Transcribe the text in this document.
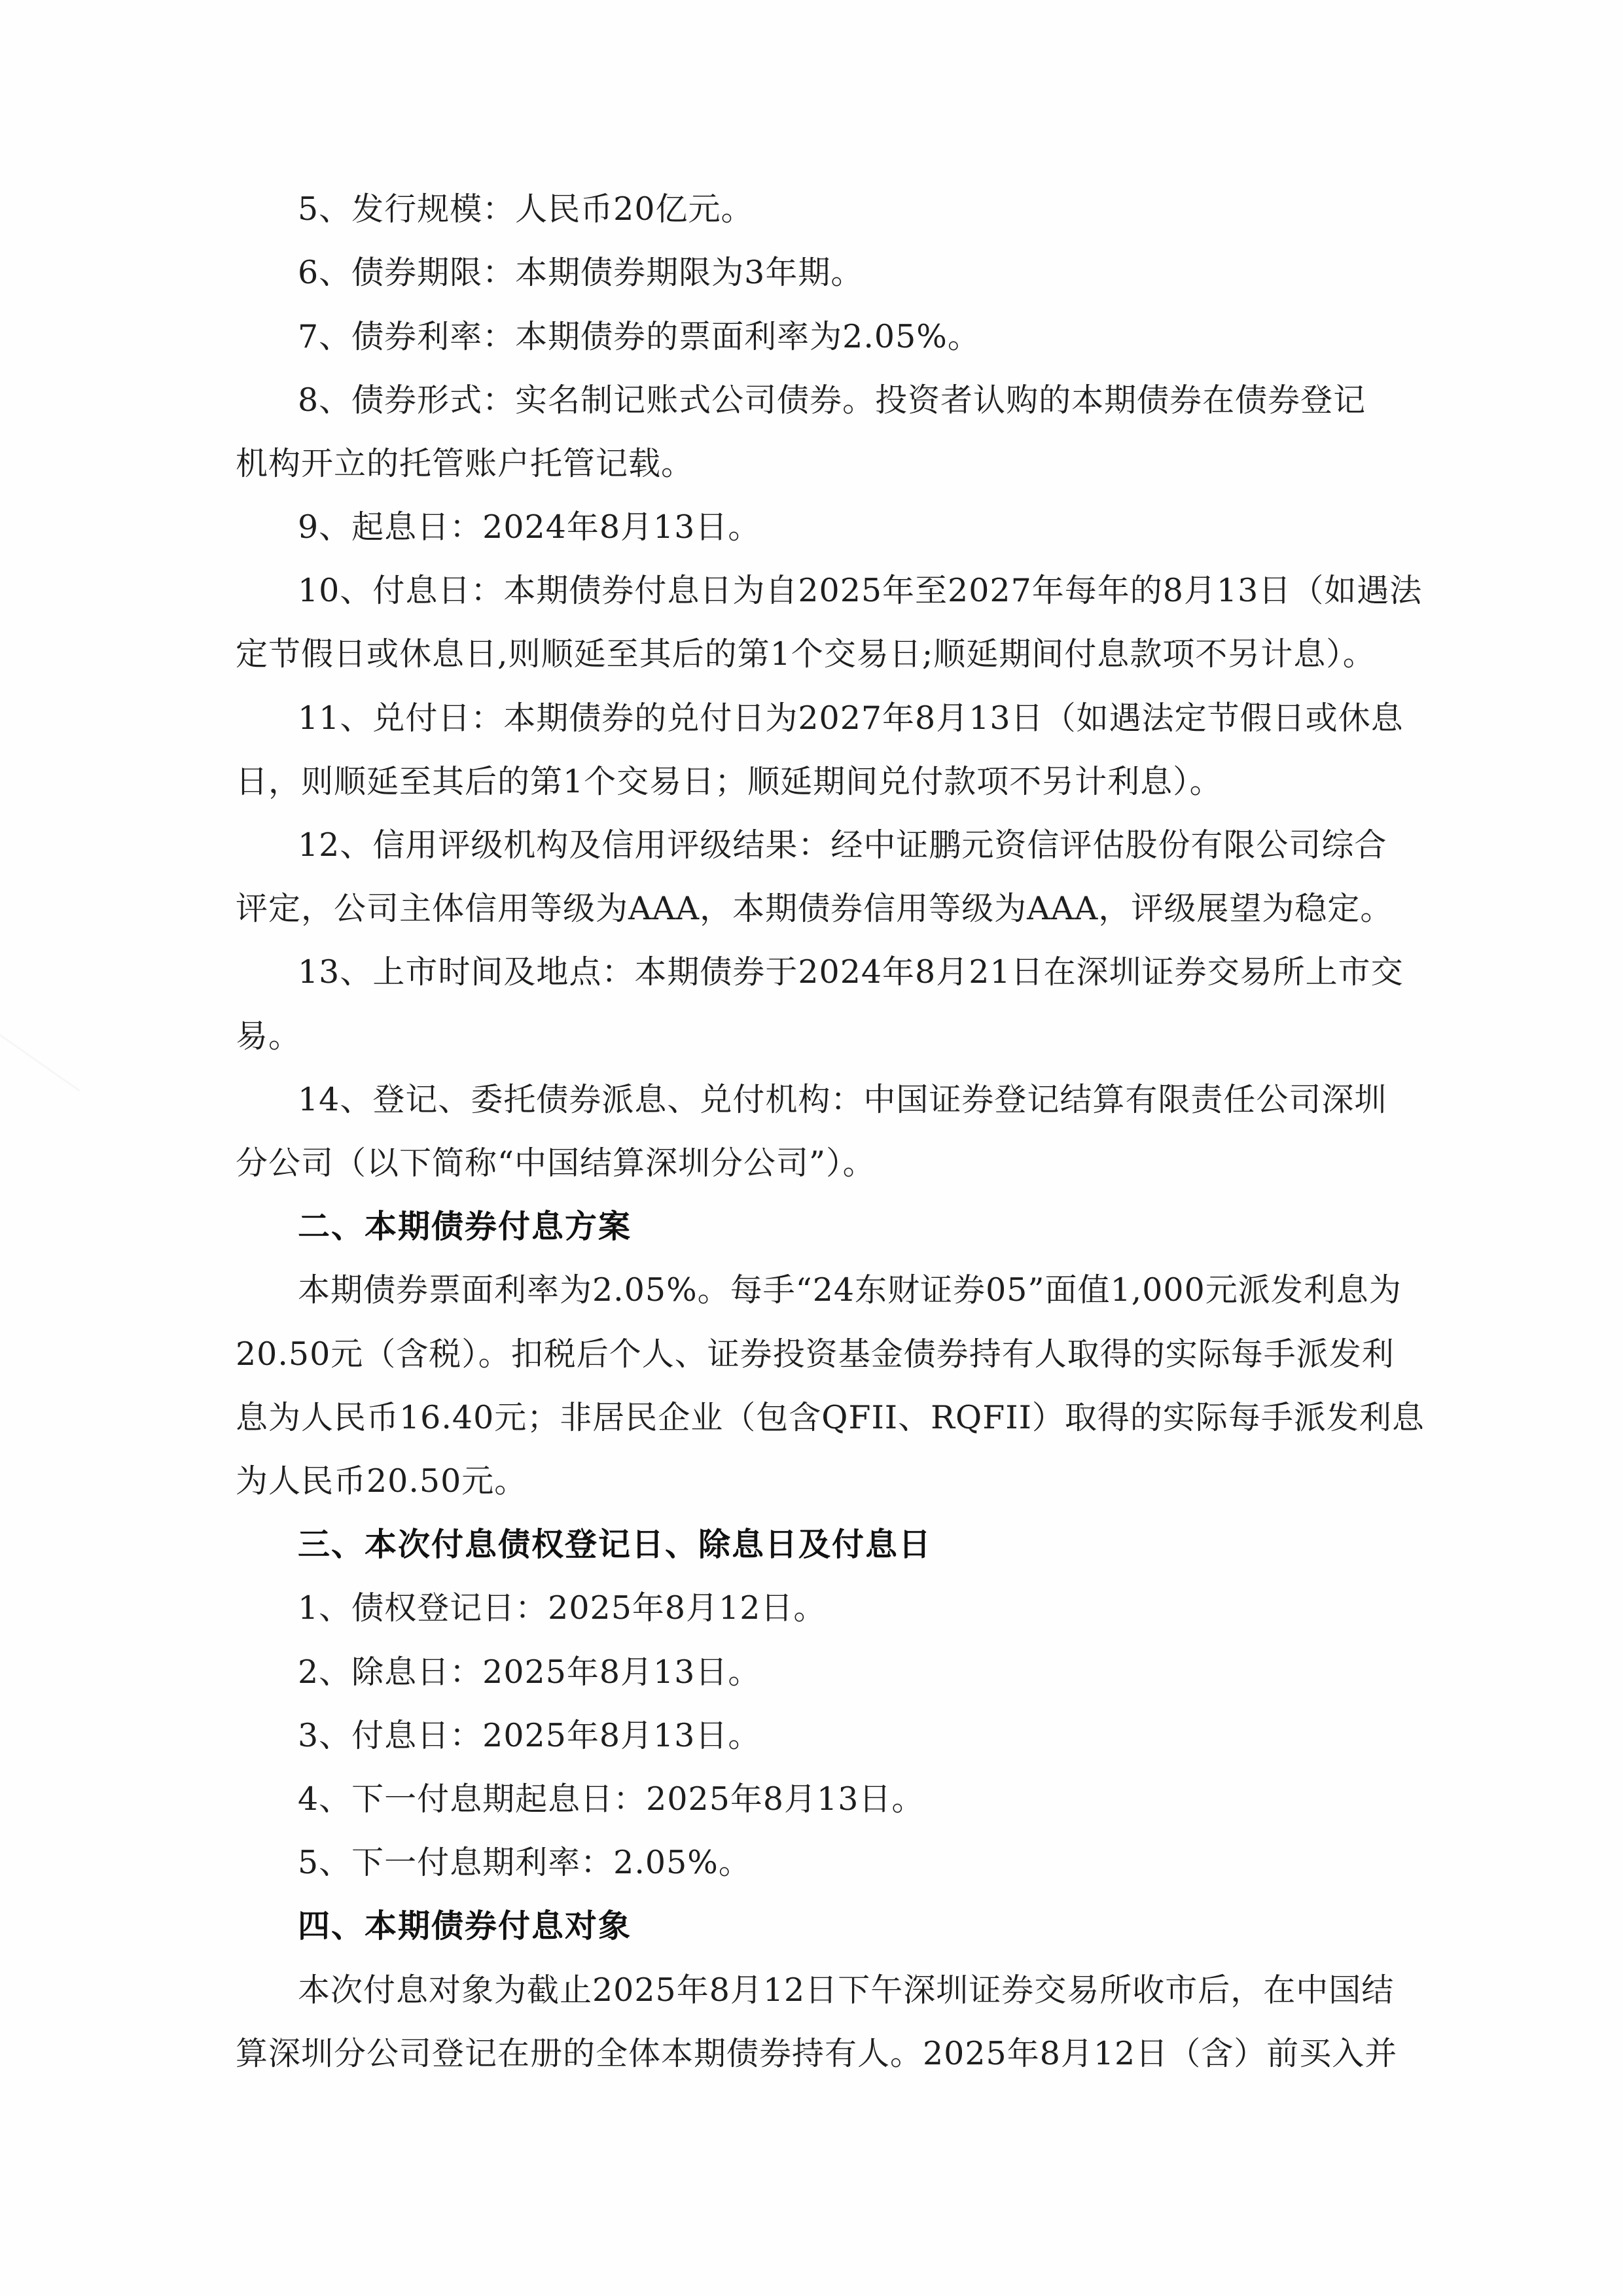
5、发行规模：人民币20亿元。
6、债券期限：本期债券期限为3年期。
7、债券利率：本期债券的票面利率为2.05%。
8、债券形式：实名制记账式公司债券。投资者认购的本期债券在债券登记
机构开立的托管账户托管记载。
9、起息日：2024年8月13日。
10、付息日：本期债券付息日为自2025年至2027年每年的8月13日（如遇法
定节假日或休息日,则顺延至其后的第1个交易日;顺延期间付息款项不另计息）。
11、兑付日：本期债券的兑付日为2027年8月13日（如遇法定节假日或休息
日，则顺延至其后的第1个交易日；顺延期间兑付款项不另计利息）。
12、信用评级机构及信用评级结果：经中证鹏元资信评估股份有限公司综合
评定，公司主体信用等级为AAA，本期债券信用等级为AAA，评级展望为稳定。
13、上市时间及地点：本期债券于2024年8月21日在深圳证券交易所上市交
易。
14、登记、委托债券派息、兑付机构：中国证券登记结算有限责任公司深圳
分公司（以下简称“中国结算深圳分公司”）。
二、本期债券付息方案
本期债券票面利率为2.05%。每手“24东财证券05”面值1,000元派发利息为
20.50元（含税）。扣税后个人、证券投资基金债券持有人取得的实际每手派发利
息为人民币16.40元；非居民企业（包含QFII、RQFII）取得的实际每手派发利息
为人民币20.50元。
三、本次付息债权登记日、除息日及付息日
1、债权登记日：2025年8月12日。
2、除息日：2025年8月13日。
3、付息日：2025年8月13日。
4、下一付息期起息日：2025年8月13日。
5、下一付息期利率：2.05%。
四、本期债券付息对象
本次付息对象为截止2025年8月12日下午深圳证券交易所收市后，在中国结
算深圳分公司登记在册的全体本期债券持有人。2025年8月12日（含）前买入并
